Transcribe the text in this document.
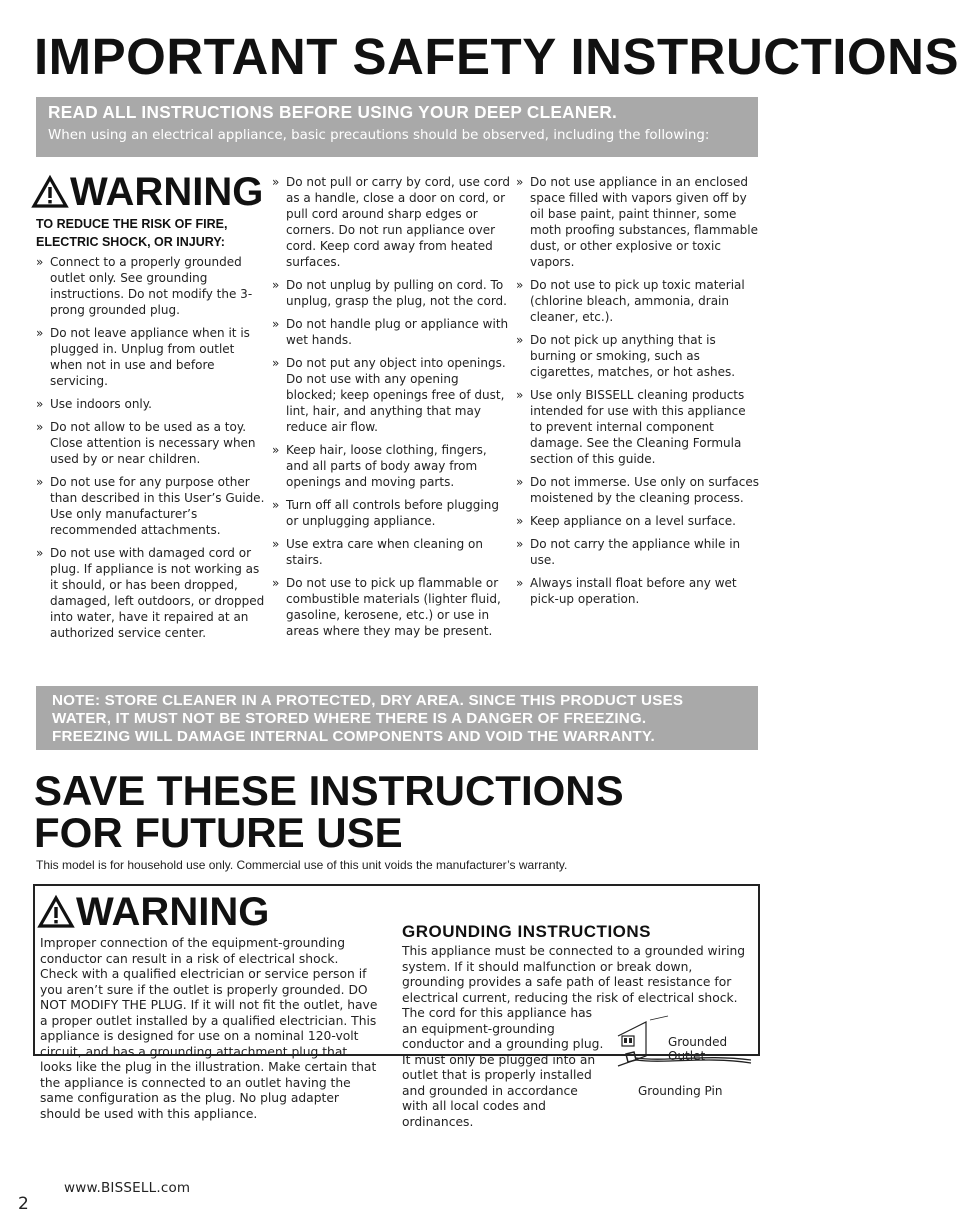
IMPORTANT SAFETY INSTRUCTIONS
READ ALL INSTRUCTIONS BEFORE USING YOUR DEEP CLEANER.
When using an electrical appliance, basic precautions should be observed, including the following:
WARNING
TO REDUCE THE RISK OF FIRE, ELECTRIC SHOCK, OR INJURY:
» Connect to a properly grounded outlet only. See grounding instructions. Do not modify the 3-prong grounded plug.
» Do not leave appliance when it is plugged in. Unplug from outlet when not in use and before servicing.
» Use indoors only.
» Do not allow to be used as a toy. Close attention is necessary when used by or near children.
» Do not use for any purpose other than described in this User’s Guide. Use only manufacturer’s recommended attachments.
» Do not use with damaged cord or plug. If appliance is not working as it should, or has been dropped, damaged, left outdoors, or dropped into water, have it repaired at an authorized service center.
» Do not pull or carry by cord, use cord as a handle, close a door on cord, or pull cord around sharp edges or corners. Do not run appliance over cord. Keep cord away from heated surfaces.
» Do not unplug by pulling on cord. To unplug, grasp the plug, not the cord.
» Do not handle plug or appliance with wet hands.
» Do not put any object into openings. Do not use with any opening blocked; keep openings free of dust, lint, hair, and anything that may reduce air flow.
» Keep hair, loose clothing, fingers, and all parts of body away from openings and moving parts.
» Turn off all controls before plugging or unplugging appliance.
» Use extra care when cleaning on stairs.
» Do not use to pick up flammable or combustible materials (lighter fluid, gasoline, kerosene, etc.) or use in areas where they may be present.
» Do not use appliance in an enclosed space filled with vapors given off by oil base paint, paint thinner, some moth proofing substances, flammable dust, or other explosive or toxic vapors.
» Do not use to pick up toxic material (chlorine bleach, ammonia, drain cleaner, etc.).
» Do not pick up anything that is burning or smoking, such as cigarettes, matches, or hot ashes.
» Use only BISSELL cleaning products intended for use with this appliance to prevent internal component damage. See the Cleaning Formula section of this guide.
» Do not immerse. Use only on surfaces moistened by the cleaning process.
» Keep appliance on a level surface.
» Do not carry the appliance while in use.
» Always install float before any wet pick-up operation.
NOTE: STORE CLEANER IN A PROTECTED, DRY AREA. SINCE THIS PRODUCT USES
WATER, IT MUST NOT BE STORED WHERE THERE IS A DANGER OF FREEZING.
FREEZING WILL DAMAGE INTERNAL COMPONENTS AND VOID THE WARRANTY.
SAVE THESE INSTRUCTIONS
FOR FUTURE USE
This model is for household use only. Commercial use of this unit voids the manufacturer’s warranty.
WARNING
Improper connection of the equipment-grounding conductor can result in a risk of electrical shock. Check with a qualified electrician or service person if you aren’t sure if the outlet is properly grounded. DO NOT MODIFY THE PLUG. If it will not fit the outlet, have a proper outlet installed by a qualified electrician. This appliance is designed for use on a nominal 120-volt circuit, and has a grounding attachment plug that looks like the plug in the illustration. Make certain that the appliance is connected to an outlet having the same configuration as the plug. No plug adapter should be used with this appliance.
GROUNDING INSTRUCTIONS
This appliance must be connected to a grounded wiring system. If it should malfunction or break down, grounding provides a safe path of least resistance for electrical current, reducing the risk of electrical shock.
The cord for this appliance has an equipment-grounding conductor and a grounding plug. It must only be plugged into an outlet that is properly installed and grounded in accordance with all local codes and ordinances.
Grounded
Outlet
Grounding Pin
2
www.BISSELL.com
